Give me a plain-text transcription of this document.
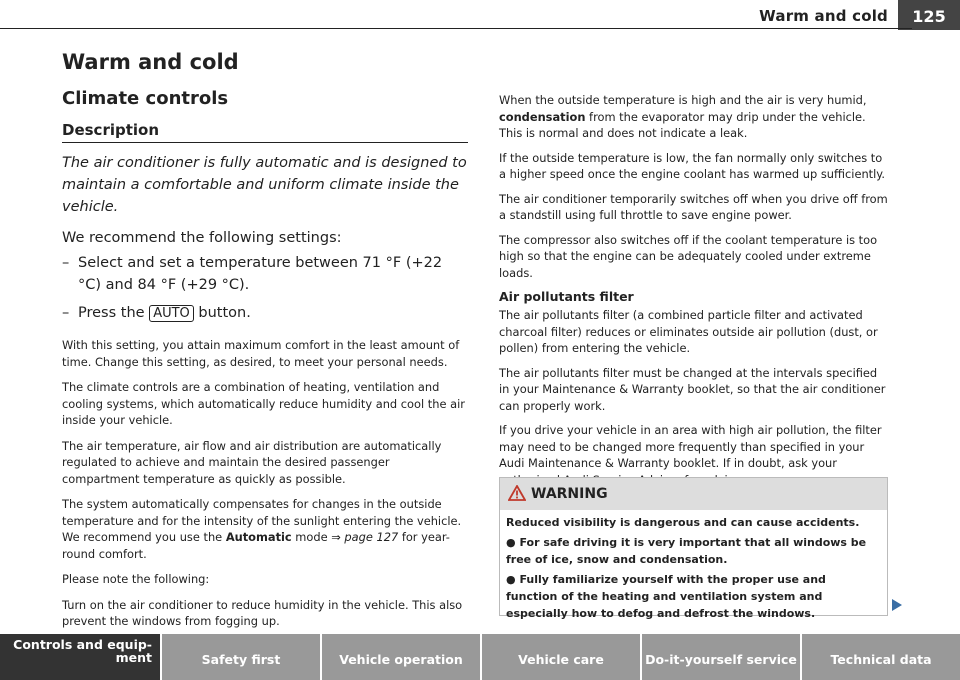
Warm and cold	125
Warm and cold
Climate controls
Description

The air conditioner is fully automatic and is designed to maintain a comfortable and uniform climate inside the vehicle.

We recommend the following settings:

– Select and set a temperature between 71 °F (+22 °C) and 84 °F (+29 °C).
– Press the AUTO button.

With this setting, you attain maximum comfort in the least amount of time. Change this setting, as desired, to meet your personal needs.

The climate controls are a combination of heating, ventilation and cooling systems, which automatically reduce humidity and cool the air inside your vehicle.

The air temperature, air flow and air distribution are automatically regulated to achieve and maintain the desired passenger compartment temperature as quickly as possible.

The system automatically compensates for changes in the outside temperature and for the intensity of the sunlight entering the vehicle. We recommend you use the Automatic mode ⇒ page 127 for year-round comfort.

Please note the following:

Turn on the air conditioner to reduce humidity in the vehicle. This also prevent the windows from fogging up.

When the outside temperature is high and the air is very humid, condensation from the evaporator may drip under the vehicle. This is normal and does not indicate a leak.

If the outside temperature is low, the fan normally only switches to a higher speed once the engine coolant has warmed up sufficiently.

The air conditioner temporarily switches off when you drive off from a standstill using full throttle to save engine power.

The compressor also switches off if the coolant temperature is too high so that the engine can be adequately cooled under extreme loads.

Air pollutants filter

The air pollutants filter (a combined particle filter and activated charcoal filter) reduces or eliminates outside air pollution (dust, or pollen) from entering the vehicle.

The air pollutants filter must be changed at the intervals specified in your Maintenance & Warranty booklet, so that the air conditioner can properly work.

If you drive your vehicle in an area with high air pollution, the filter may need to be changed more frequently than specified in your Audi Maintenance & Warranty booklet. If in doubt, ask your

WARNING
Reduced visibility is dangerous and can cause accidents.
● For safe driving it is very important that all windows be free of ice, snow and condensation.
● Fully familiarize yourself with the proper use and function of the heating and ventilation system and especially how to defog and defrost the windows.
Controls and equip-ment	Safety first	Vehicle operation	Vehicle care	Do-it-yourself service	Technical data
